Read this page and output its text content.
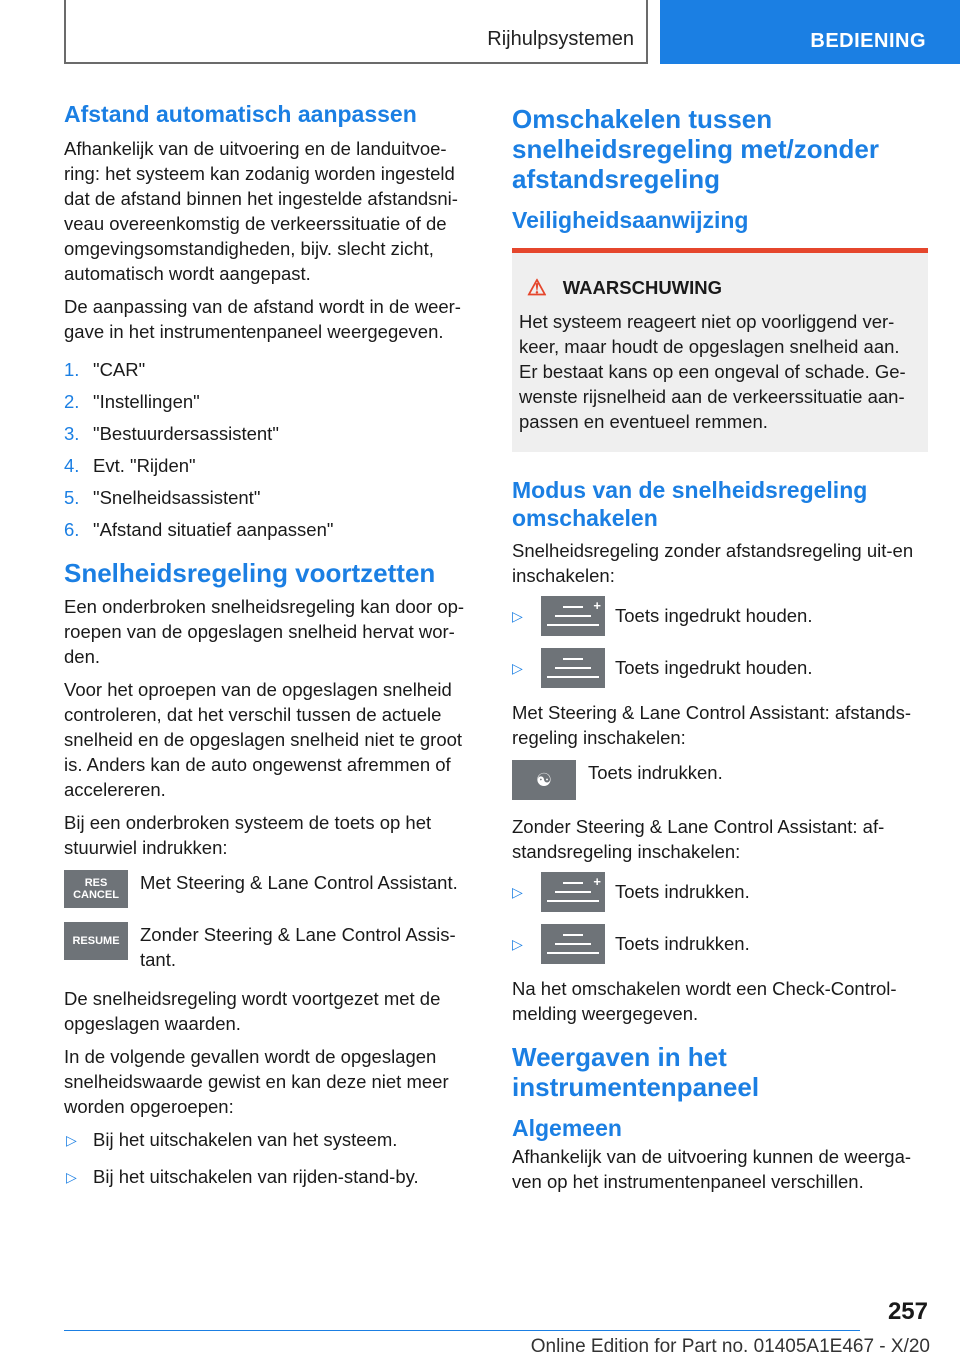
Rijhulpsystemen	BEDIENING
Afstand automatisch aanpassen

Afhankelijk van de uitvoering en de landuitvoe-ring: het systeem kan zodanig worden ingesteld dat de afstand binnen het ingestelde afstandsni-veau overeenkomstig de verkeerssituatie of de omgevingsomstandigheden, bijv. slecht zicht, automatisch wordt aangepast.

De aanpassing van de afstand wordt in de weer-gave in het instrumentenpaneel weergegeven.

1. "CAR"
2. "Instellingen"
3. "Bestuurdersassistent"
4. Evt. "Rijden"
5. "Snelheidsassistent"
6. "Afstand situatief aanpassen"
Snelheidsregeling voortzetten

Een onderbroken snelheidsregeling kan door op-roepen van de opgeslagen snelheid hervat wor-den.

Voor het oproepen van de opgeslagen snelheid controleren, dat het verschil tussen de actuele snelheid en de opgeslagen snelheid niet te groot is. Anders kan de auto ongewenst afremmen of accelereren.

Bij een onderbroken systeem de toets op het stuurwiel indrukken:

RES CANCEL
Met Steering & Lane Control Assistant.
RESUME	Zonder Steering & Lane Control Assis-tant.

De snelheidsregeling wordt voortgezet met de opgeslagen waarden.

In de volgende gevallen wordt de opgeslagen snelheidswaarde gewist en kan deze niet meer worden opgeroepen:

▷ Bij het uitschakelen van het systeem.
▷ Bij het uitschakelen van rijden-stand-by.
Omschakelen tussen snelheidsregeling met/zonder afstandsregeling
Veiligheidsaanwijzing
⚠ WAARSCHUWING

Het systeem reageert niet op voorliggend ver-keer, maar houdt de opgeslagen snelheid aan. Er bestaat kans op een ongeval of schade. Ge-wenste rijsnelheid aan de verkeerssituatie aan-passen en eventueel remmen.

Modus van de snelheidsregeling omschakelen

Snelheidsregeling zonder afstandsregeling uit-en inschakelen:

▷
+ Toets ingedrukt houden.
▷	Toets ingedrukt houden.

Met Steering & Lane Control Assistant: afstands-regeling inschakelen:

☯	Toets indrukken.

Zonder Steering & Lane Control Assistant: af-standsregeling inschakelen:

▷
+ Toets indrukken.
▷	Toets indrukken.

Na het omschakelen wordt een Check-Control-melding weergegeven.

Weergaven in het instrumentenpaneel
Algemeen

Afhankelijk van de uitvoering kunnen de weerga-ven op het instrumentenpaneel verschillen.

257
Online Edition for Part no. 01405A1E467 - X/20
